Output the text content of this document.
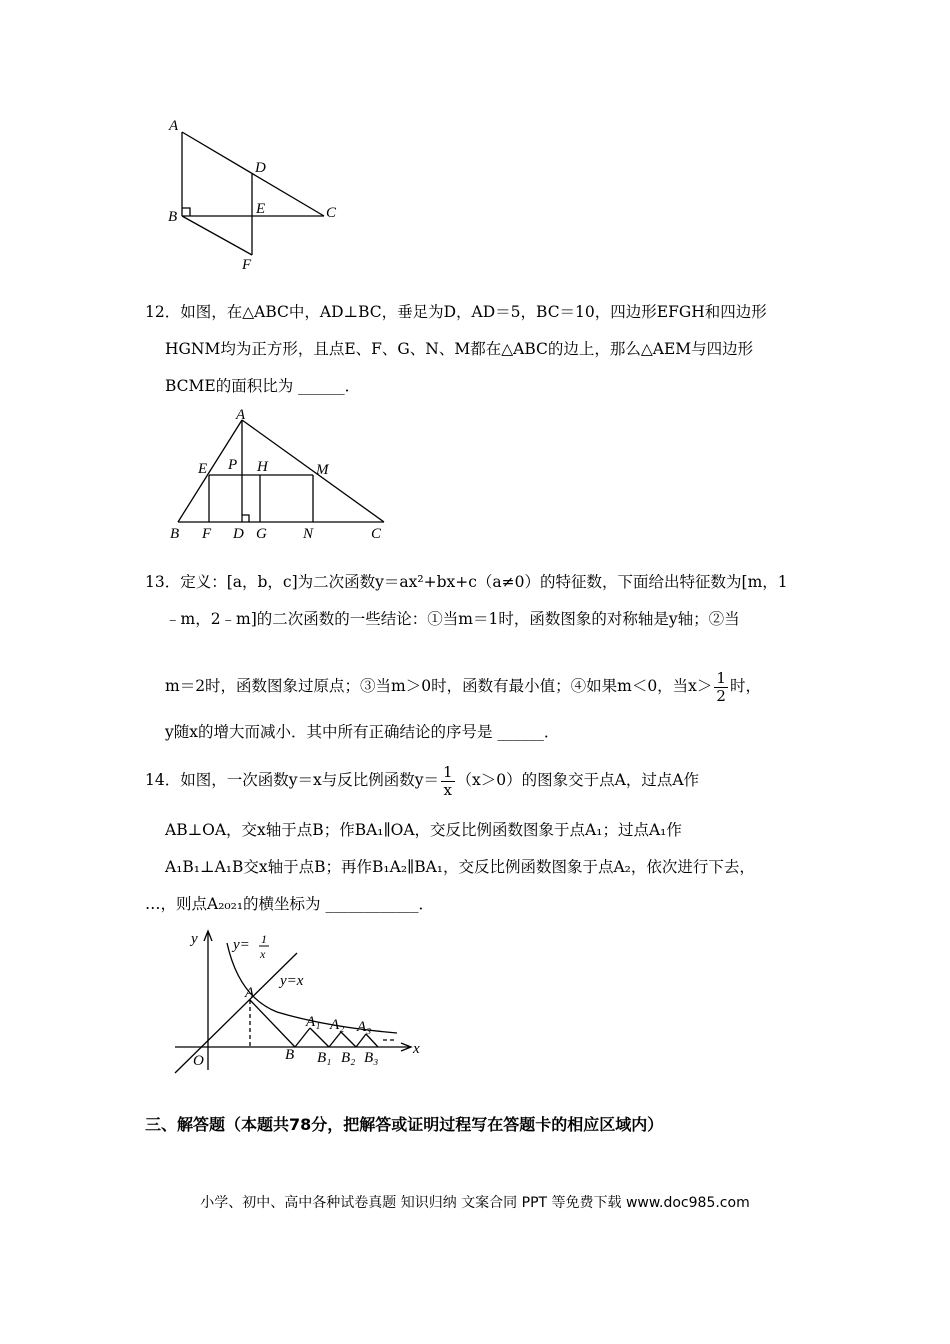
A
D
B	E	C
F
12．如图，在△ABC中，AD⊥BC，垂足为D，AD＝5，BC＝10，四边形EFGH和四边形
HGNM均为正方形，且点E、F、G、N、M都在△ABC的边上，那么△AEM与四边形
BCME的面积比为 ______．
A
E P H	M
B F D G N	C
13．定义：[a，b，c]为二次函数y＝ax²+bx+c（a≠0）的特征数，下面给出特征数为[m，1
﹣m，2﹣m]的二次函数的一些结论：①当m＝1时，函数图象的对称轴是y轴；②当
m＝2时，函数图象过原点；③当m＞0时，函数有最小值；④如果m＜0，当$x> \frac{1}{2}$ 时，
y随x的增大而减小．其中所有正确结论的序号是 ______．
14．如图，一次函数y＝x与反比例函数$y= \frac{1}{x} (x>0)$的图象交于点A，过点A作
AB⊥OA，交x轴于点B；作BA₁∥OA，交反比例函数图象于点A₁；过点A₁作
A₁B₁⊥A₁B交x轴于点B；再作B₁A₂∥BA₁，交反比例函数图象于点A₂，依次进行下去，
…，则点A₂₀₂₁的横坐标为 ____________．
y
x
O
A
B
y= 1
x
y=x
A₁ A₂ A₃
B₁ B₂ B₃
三、解答题（本题共78分，把解答或证明过程写在答题卡的相应区域内）
小学、初中、高中各种试卷真题 知识归纳 文案合同 PPT 等免费下载 www.doc985.com
